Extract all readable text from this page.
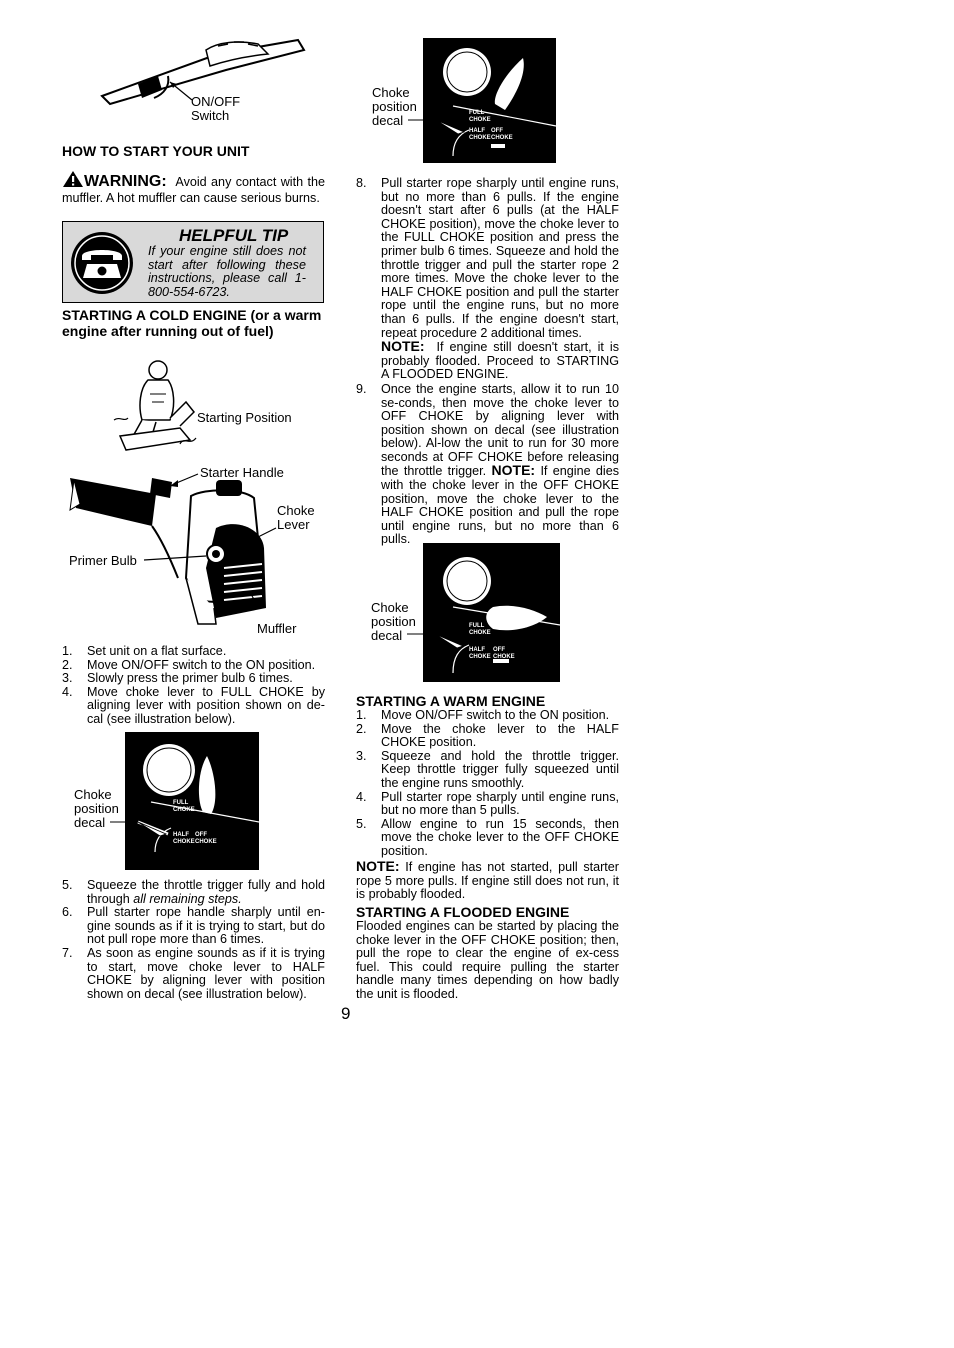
ON/OFF
Switch
HOW TO START YOUR UNIT
WARNING: Avoid any contact with the muffler. A hot muffler can cause serious burns.
HELPFUL TIP
If your engine still does not start after following these instructions, please call 1-800-554-6723.
STARTING A COLD ENGINE (or a warm engine after running out of fuel)
Starting Position
Starter Handle
Choke
Lever
Primer Bulb
Muffler
1. Set unit on a flat surface.
2. Move ON/OFF switch to the ON position.
3. Slowly press the primer bulb 6 times.
4. Move choke lever to FULL CHOKE by aligning lever with position shown on de-cal (see illustration below).
FULL
CHOKE
HALF
CHOKE
OFF
CHOKE
Choke
position
decal
5. Squeeze the throttle trigger fully and hold through all remaining steps.
6. Pull starter rope handle sharply until en-gine sounds as if it is trying to start, but do not pull rope more than 6 times.
7. As soon as engine sounds as if it is trying to start, move choke lever to HALF CHOKE by aligning lever with position shown on decal (see illustration below).
FULL
CHOKE
HALF
CHOKE
OFF
CHOKE
Choke
position
decal
8. Pull starter rope sharply until engine runs, but no more than 6 pulls. If the engine doesn't start after 6 pulls (at the HALF CHOKE position), move the choke lever to the FULL CHOKE position and press the primer bulb 6 times. Squeeze and hold the throttle trigger and pull the starter rope 2 more times. Move the choke lever to the HALF CHOKE position and pull the starter rope until the engine runs, but no more than 6 pulls. If the engine doesn't start, repeat procedure 2 additional times.
NOTE: If engine still doesn't start, it is probably flooded. Proceed to STARTING A FLOODED ENGINE.
9. Once the engine starts, allow it to run 10 se-conds, then move the choke lever to OFF CHOKE by aligning lever with position shown on decal (see illustration below). Al-low the unit to run for 30 more seconds at OFF CHOKE before releasing the throttle trigger. NOTE: If engine dies with the choke lever in the OFF CHOKE position, move the choke lever to the HALF CHOKE position and pull the rope until engine runs, but no more than 6 pulls.
FULL
CHOKE
HALF
CHOKE
OFF
CHOKE
Choke
position
decal
STARTING A WARM ENGINE
1. Move ON/OFF switch to the ON position.
2. Move the choke lever to the HALF CHOKE position.
3. Squeeze and hold the throttle trigger. Keep throttle trigger fully squeezed until the engine runs smoothly.
4. Pull starter rope sharply until engine runs, but no more than 5 pulls.
5. Allow engine to run 15 seconds, then move the choke lever to the OFF CHOKE position.
NOTE: If engine has not started, pull starter rope 5 more pulls. If engine still does not run, it is probably flooded.
STARTING A FLOODED ENGINE
Flooded engines can be started by placing the choke lever in the OFF CHOKE position; then, pull the rope to clear the engine of ex-cess fuel. This could require pulling the starter handle many times depending on how badly the unit is flooded.
9
